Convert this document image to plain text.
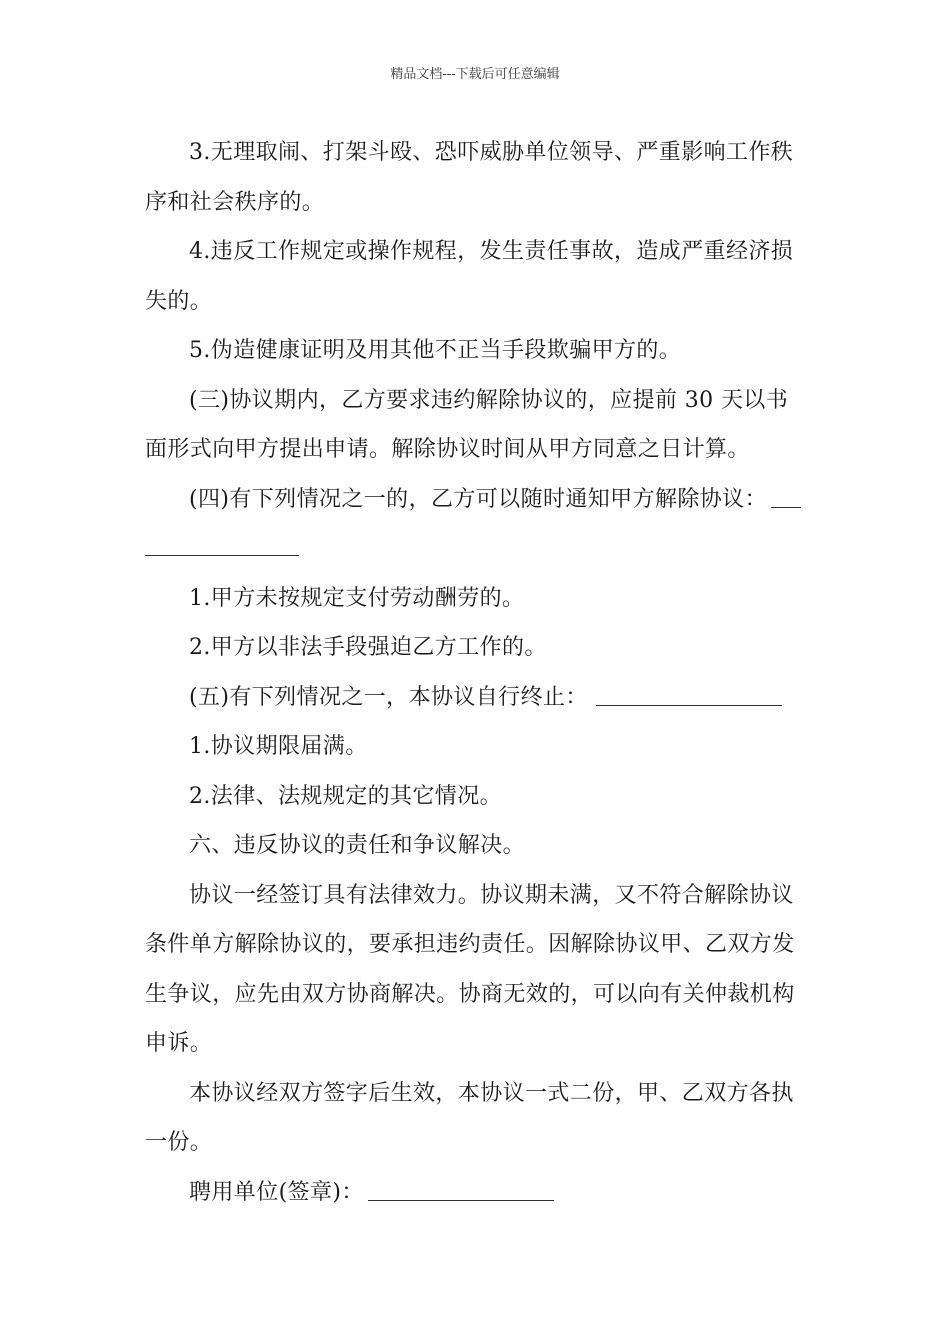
精品文档---下载后可任意编辑

3.无理取闹、打架斗殴、恐吓威胁单位领导、严重影响工作秩序和社会秩序的。

4.违反工作规定或操作规程，发生责任事故，造成严重经济损失的。

5.伪造健康证明及用其他不正当手段欺骗甲方的。

(三)协议期内，乙方要求违约解除协议的，应提前 30 天以书面形式向甲方提出申请。解除协议时间从甲方同意之日计算。

(四)有下列情况之一的，乙方可以随时通知甲方解除协议：

1.甲方未按规定支付劳动酬劳的。

2.甲方以非法手段强迫乙方工作的。

(五)有下列情况之一，本协议自行终止：

1.协议期限届满。

2.法律、法规规定的其它情况。

六、违反协议的责任和争议解决。

协议一经签订具有法律效力。协议期未满，又不符合解除协议条件单方解除协议的，要承担违约责任。因解除协议甲、乙双方发生争议，应先由双方协商解决。协商无效的，可以向有关仲裁机构申诉。

本协议经双方签字后生效，本协议一式二份，甲、乙双方各执一份。

聘用单位(签章)：
